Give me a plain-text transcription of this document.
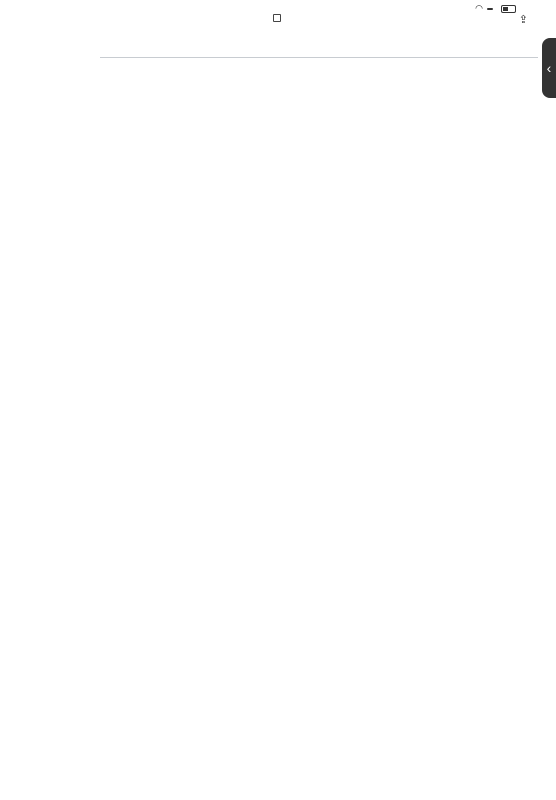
◠
⇪
‹
